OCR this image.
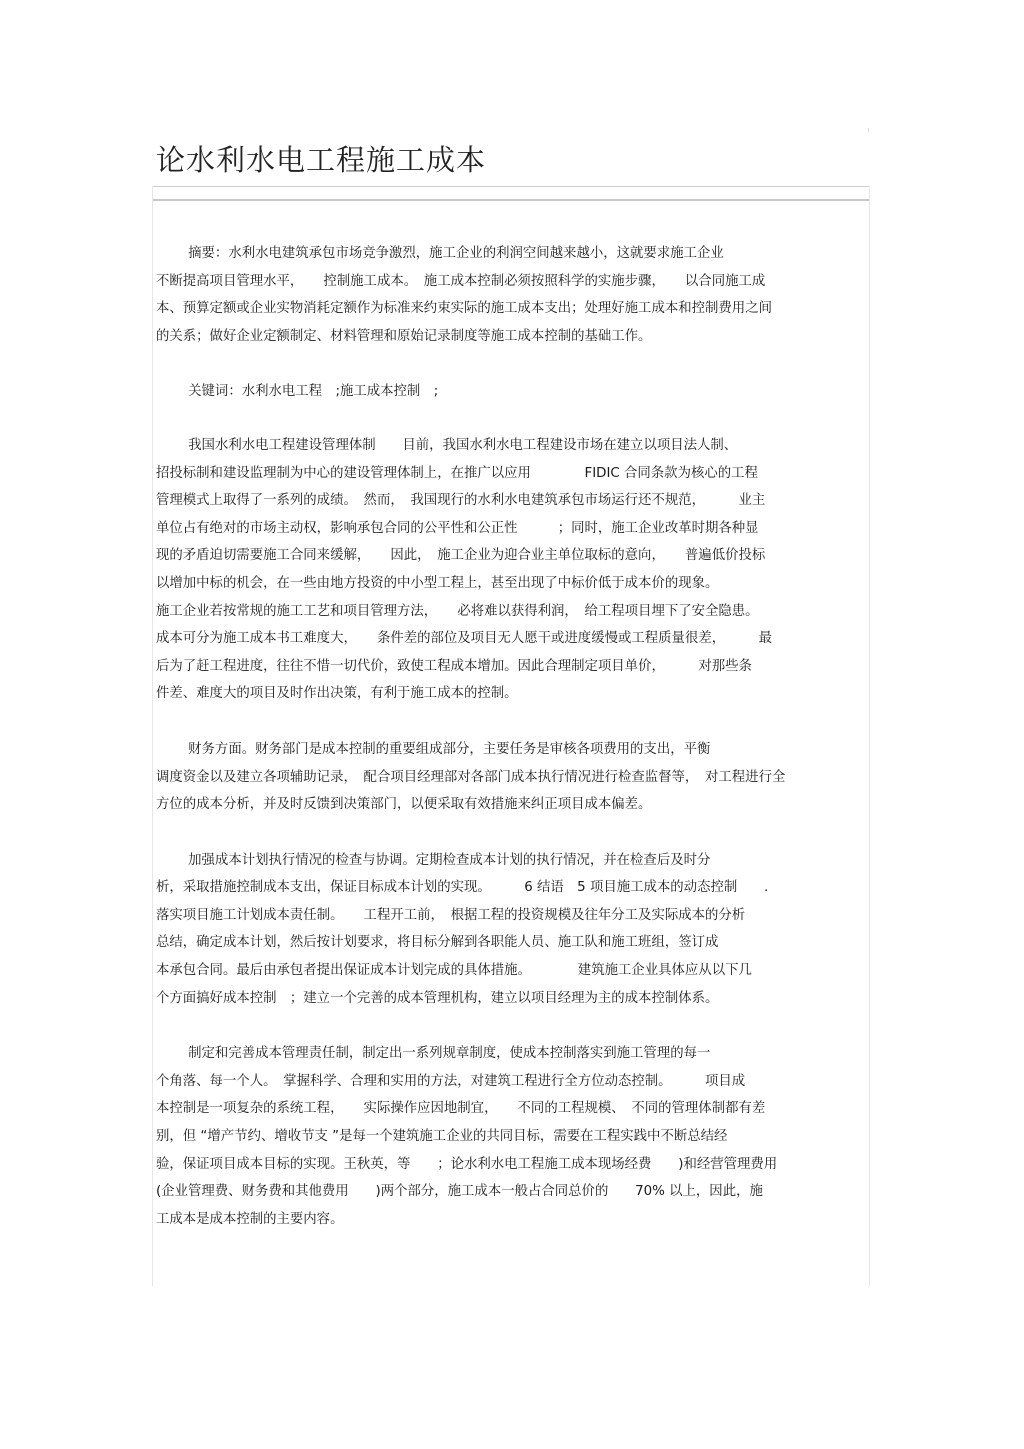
论水利水电工程施工成本

摘要：水利水电建筑承包市场竞争激烈，施工企业的利润空间越来越小，这就要求施工企业
不断提高项目管理水平，　　控制施工成本。　施工成本控制必须按照科学的实施步骤，　　以合同施工成
本、预算定额或企业实物消耗定额作为标准来约束实际的施工成本支出；处理好施工成本和控制费用之间
的关系；做好企业定额制定、材料管理和原始记录制度等施工成本控制的基础工作。

关键词：水利水电工程　;施工成本控制　;

我国水利水电工程建设管理体制　　目前，我国水利水电工程建设市场在建立以项目法人制、
招投标制和建设监理制为中心的建设管理体制上，在推广以应用　　　　FIDIC 合同条款为核心的工程
管理模式上取得了一系列的成绩。　然而，　我国现行的水利水电建筑承包市场运行还不规范，　　　业主
单位占有绝对的市场主动权，影响承包合同的公平性和公正性　　　；同时，施工企业改革时期各种显
现的矛盾迫切需要施工合同来缓解，　　因此，　施工企业为迎合业主单位取标的意向，　　普遍低价投标
以增加中标的机会，在一些由地方投资的中小型工程上，甚至出现了中标价低于成本价的现象。
施工企业若按常规的施工工艺和项目管理方法，　　必将难以获得利润，　给工程项目埋下了安全隐患。
成本可分为施工成本书工难度大，　　条件差的部位及项目无人愿干或进度缓慢或工程质量很差，　　　最
后为了赶工程进度，往往不惜一切代价，致使工程成本增加。因此合理制定项目单价，　　　对那些条
件差、难度大的项目及时作出决策，有利于施工成本的控制。

财务方面。财务部门是成本控制的重要组成部分，主要任务是审核各项费用的支出，平衡
调度资金以及建立各项辅助记录，　配合项目经理部对各部门成本执行情况进行检查监督等，　对工程进行全
方位的成本分析，并及时反馈到决策部门，以便采取有效措施来纠正项目成本偏差。

加强成本计划执行情况的检查与协调。定期检查成本计划的执行情况，并在检查后及时分
析，采取措施控制成本支出，保证目标成本计划的实现。　　　6 结语　5 项目施工成本的动态控制　　.
落实项目施工计划成本责任制。　　工程开工前，　根据工程的投资规模及往年分工及实际成本的分析
总结，确定成本计划，然后按计划要求，将目标分解到各职能人员、施工队和施工班组，签订成
本承包合同。最后由承包者提出保证成本计划完成的具体措施。　　　　建筑施工企业具体应从以下几
个方面搞好成本控制　；建立一个完善的成本管理机构，建立以项目经理为主的成本控制体系。

制定和完善成本管理责任制，制定出一系列规章制度，使成本控制落实到施工管理的每一
个角落、每一个人。　掌握科学、合理和实用的方法，对建筑工程进行全方位动态控制。　　　项目成
本控制是一项复杂的系统工程，　　实际操作应因地制宜，　　不同的工程规模、　不同的管理体制都有差
别，但 “增产节约、增收节支 ”是每一个建筑施工企业的共同目标，需要在工程实践中不断总结经
验，保证项目成本目标的实现。王秋英，等　　；论水利水电工程施工成本现场经费　　)和经营管理费用
(企业管理费、财务费和其他费用　　)两个部分，施工成本一般占合同总价的　　70% 以上，因此，施
工成本是成本控制的主要内容。
